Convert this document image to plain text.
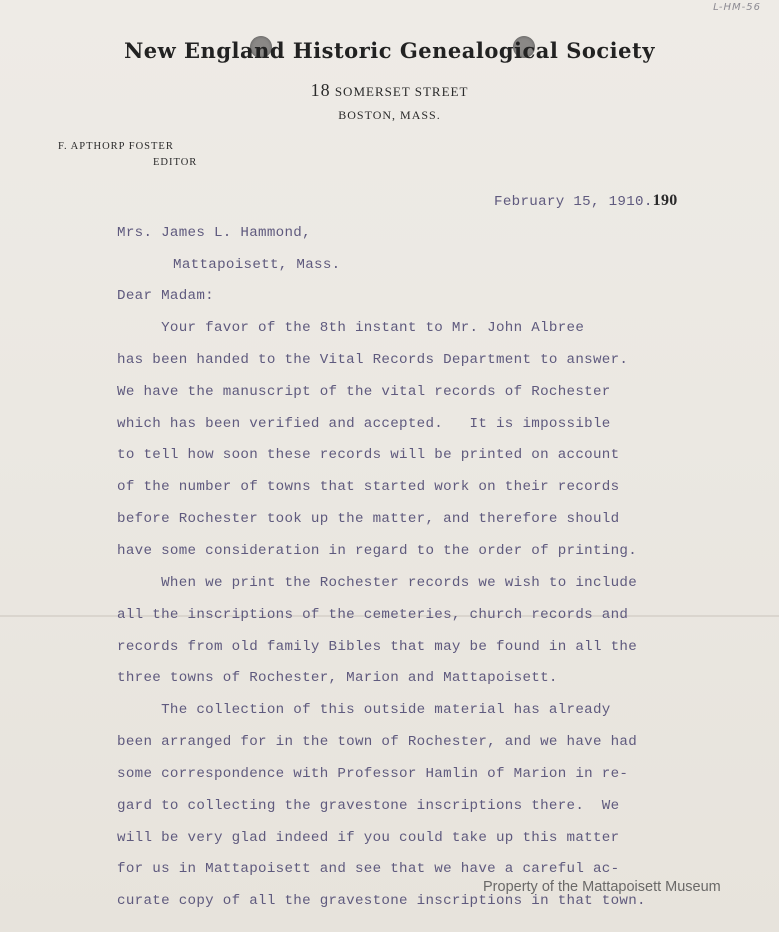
L-HM-56
New England Historic Genealogical Society
18 SOMERSET STREET
BOSTON, MASS.
F. APTHORP FOSTER
EDITOR
February 15, 1910.190
Mrs. James L. Hammond,
Mattapoisett, Mass.
Dear Madam:
Your favor of the 8th instant to Mr. John Albree
has been handed to the Vital Records Department to answer.
We have the manuscript of the vital records of Rochester
which has been verified and accepted.   It is impossible
to tell how soon these records will be printed on account
of the number of towns that started work on their records
before Rochester took up the matter, and therefore should
have some consideration in regard to the order of printing.
When we print the Rochester records we wish to include
all the inscriptions of the cemeteries, church records and
records from old family Bibles that may be found in all the
three towns of Rochester, Marion and Mattapoisett.
The collection of this outside material has already
been arranged for in the town of Rochester, and we have had
some correspondence with Professor Hamlin of Marion in re-
gard to collecting the gravestone inscriptions there.  We
will be very glad indeed if you could take up this matter
for us in Mattapoisett and see that we have a careful ac-
curate copy of all the gravestone inscriptions in that town.
Property of the Mattapoisett Museum
